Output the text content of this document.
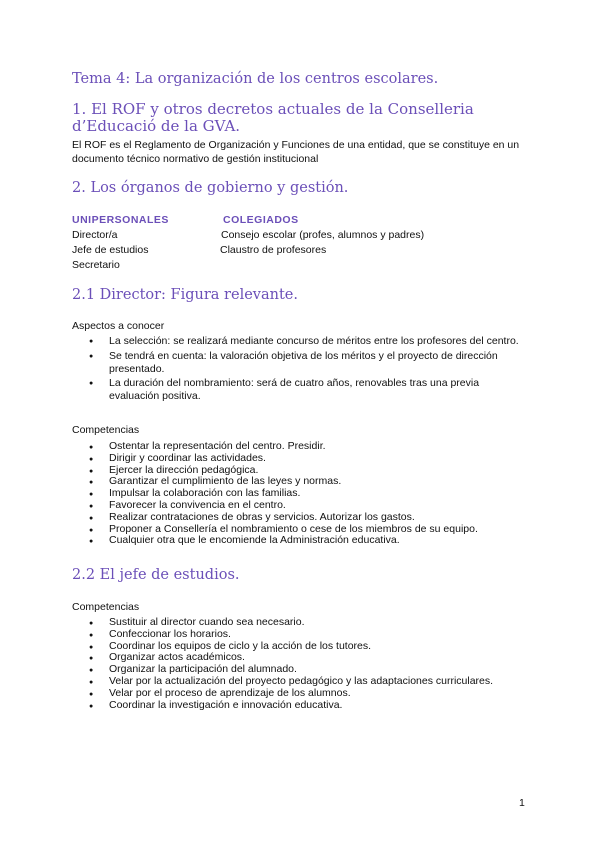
Tema 4: La organización de los centros escolares.
1. El ROF y otros decretos actuales de la Conselleria d’Educació de la GVA.

El ROF es el Reglamento de Organización y Funciones de una entidad, que se constituye en un documento técnico normativo de gestión institucional

2. Los órganos de gobierno y gestión.
UNIPERSONALES	COLEGIADOS
Director/a
Jefe de estudios
Secretario
Consejo escolar (profes, alumnos y padres)
Claustro de profesores
2.1 Director: Figura relevante.
Aspectos a conocer
● La selección: se realizará mediante concurso de méritos entre los profesores del centro.
● Se tendrá en cuenta: la valoración objetiva de los méritos y el proyecto de dirección presentado.
● La duración del nombramiento: será de cuatro años, renovables tras una previa evaluación positiva.
Competencias
● Ostentar la representación del centro. Presidir.
● Dirigir y coordinar las actividades.
● Ejercer la dirección pedagógica.
● Garantizar el cumplimiento de las leyes y normas.
● Impulsar la colaboración con las familias.
● Favorecer la convivencia en el centro.
● Realizar contrataciones de obras y servicios. Autorizar los gastos.
● Proponer a Consellería el nombramiento o cese de los miembros de su equipo.
● Cualquier otra que le encomiende la Administración educativa.
2.2 El jefe de estudios.
Competencias
● Sustituir al director cuando sea necesario.
● Confeccionar los horarios.
● Coordinar los equipos de ciclo y la acción de los tutores.
● Organizar actos académicos.
● Organizar la participación del alumnado.
● Velar por la actualización del proyecto pedagógico y las adaptaciones curriculares.
● Velar por el proceso de aprendizaje de los alumnos.
● Coordinar la investigación e innovación educativa.
1
